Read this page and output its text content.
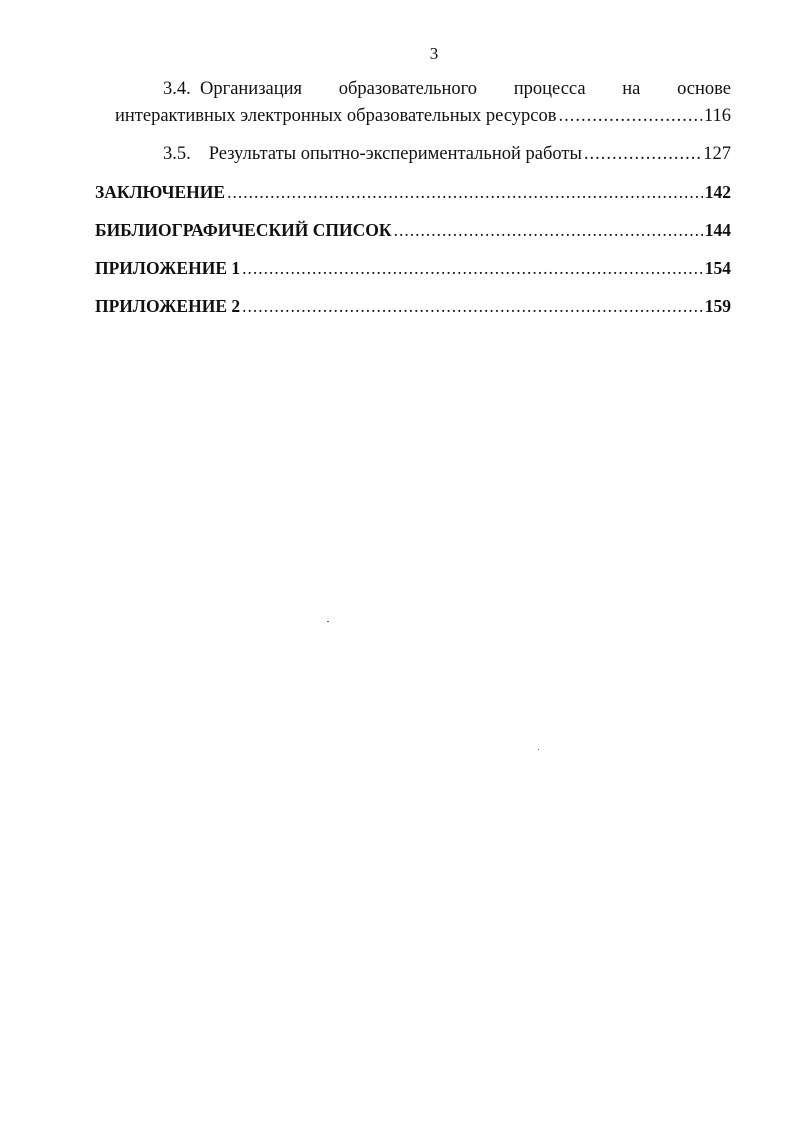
3
3.4. Организация образовательного процесса на основе
интерактивных электронных образовательных ресурсов .....	116
3.5. Результаты опытно-экспериментальной работы .....	127
ЗАКЛЮЧЕНИЕ .....	142
БИБЛИОГРАФИЧЕСКИЙ СПИСОК .....	144
ПРИЛОЖЕНИЕ 1 .....	154
ПРИЛОЖЕНИЕ 2 .....	159
